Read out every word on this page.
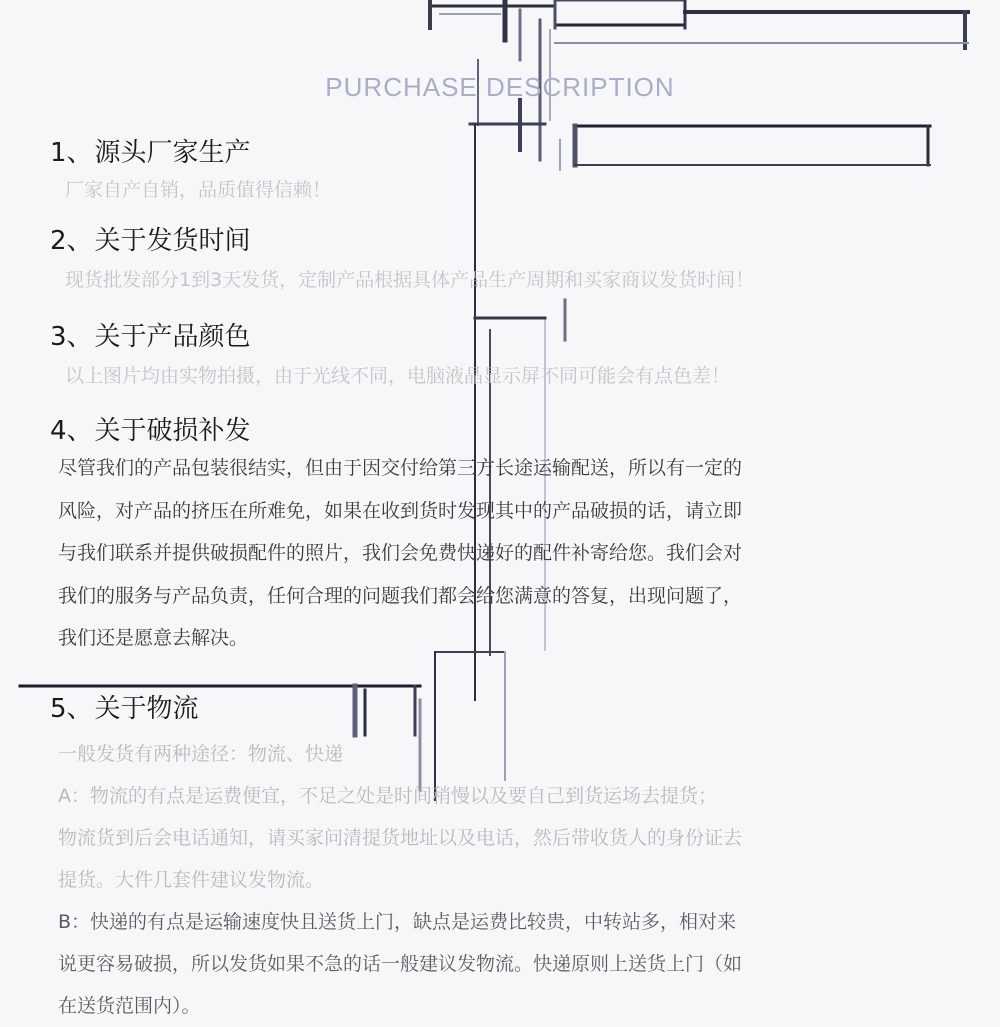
PURCHASE DESCRIPTION
1、源头厂家生产
厂家自产自销，品质值得信赖！
2、关于发货时间
现货批发部分1到3天发货，定制产品根据具体产品生产周期和买家商议发货时间！
3、关于产品颜色
以上图片均由实物拍摄，由于光线不同，电脑液晶显示屏不同可能会有点色差！
4、关于破损补发

尽管我们的产品包装很结实，但由于因交付给第三方长途运输配送，所以有一定的
风险，对产品的挤压在所难免，如果在收到货时发现其中的产品破损的话，请立即
与我们联系并提供破损配件的照片，我们会免费快递好的配件补寄给您。我们会对
我们的服务与产品负责，任何合理的问题我们都会给您满意的答复，出现问题了，
我们还是愿意去解决。

5、关于物流
一般发货有两种途径：物流、快递
A：物流的有点是运费便宜，不足之处是时间稍慢以及要自己到货运场去提货；
物流货到后会电话通知，请买家问清提货地址以及电话，然后带收货人的身份证去
提货。大件几套件建议发物流。
B：快递的有点是运输速度快且送货上门，缺点是运费比较贵，中转站多，相对来
说更容易破损，所以发货如果不急的话一般建议发物流。快递原则上送货上门（如
在送货范围内）。
